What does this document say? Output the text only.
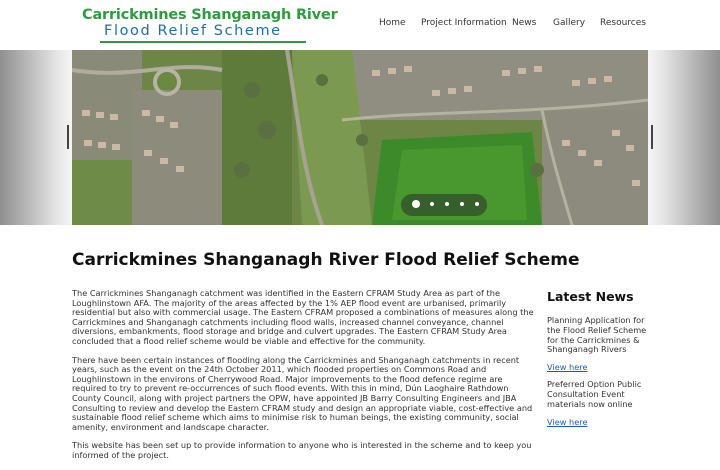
Carrickmines Shanganagh River
Flood Relief Scheme	Home Project Information News Gallery Resources
Carrickmines Shanganagh River Flood Relief Scheme

The Carrickmines Shanganagh catchment was identified in the Eastern CFRAM Study Area as part of the Loughlinstown AFA. The majority of the areas affected by the 1% AEP flood event are urbanised, primarily residential but also with commercial usage. The Eastern CFRAM proposed a combinations of measures along the Carrickmines and Shanganagh catchments including flood walls, increased channel conveyance, channel diversions, embankments, flood storage and bridge and culvert upgrades. The Eastern CFRAM Study Area concluded that a flood relief scheme would be viable and effective for the community.

There have been certain instances of flooding along the Carrickmines and Shanganagh catchments in recent years, such as the event on the 24th October 2011, which flooded properties on Commons Road and Loughlinstown in the environs of Cherrywood Road. Major improvements to the flood defence regime are required to try to prevent re-occurrences of such flood events. With this in mind, Dún Laoghaire Rathdown County Council, along with project partners the OPW, have appointed JB Barry Consulting Engineers and JBA Consulting to review and develop the Eastern CFRAM study and design an appropriate viable, cost-effective and sustainable flood relief scheme which aims to minimise risk to human beings, the existing community, social amenity, environment and landscape character.

This website has been set up to provide information to anyone who is interested in the scheme and to keep you informed of the project.

Latest News
Planning Application for the Flood Relief Scheme for the Carrickmines & Shanganagh Rivers
View here
Preferred Option Public Consultation Event materials now online
View here
